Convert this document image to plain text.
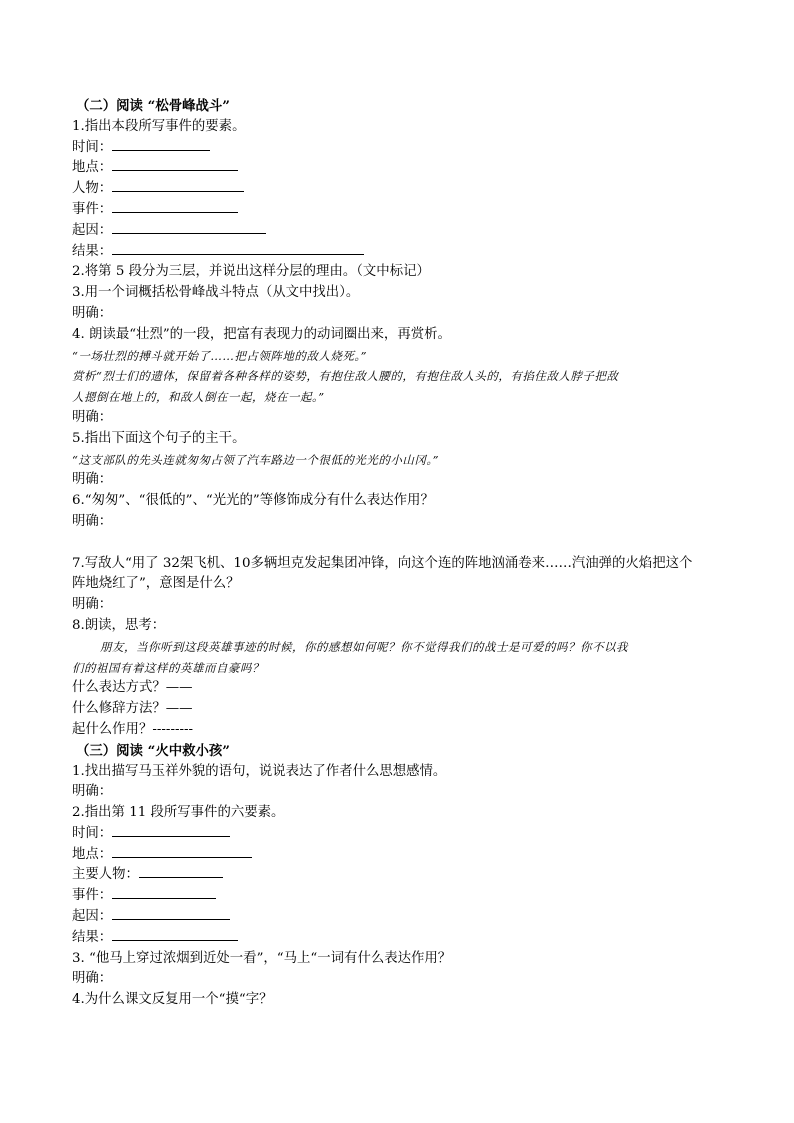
（二）阅读 “松骨峰战斗”
1.指出本段所写事件的要素。
时间：
地点：
人物：
事件：
起因：
结果：
2.将第 5 段分为三层，并说出这样分层的理由。（文中标记）
3.用一个词概括松骨峰战斗特点（从文中找出）。
明确：
4. 朗读最“壮烈”的一段，把富有表现力的动词圈出来，再赏析。
“一场壮烈的搏斗就开始了……把占领阵地的敌人烧死。”
赏析“烈士们的遗体，保留着各种各样的姿势，有抱住敌人腰的，有抱住敌人头的，有掐住敌人脖子把敌
人摁倒在地上的，和敌人倒在一起，烧在一起。”
明确：
5.指出下面这个句子的主干。
“这支部队的先头连就匆匆占领了汽车路边一个很低的光光的小山冈。”
明确：
6.“匆匆”、“很低的”、“光光的”等修饰成分有什么表达作用？
明确：
7.写敌人“用了 32架飞机、10多辆坦克发起集团冲锋，向这个连的阵地汹涌卷来……汽油弹的火焰把这个
阵地烧红了”，意图是什么？
明确：
8.朗读，思考：
朋友，当你听到这段英雄事迹的时候，你的感想如何呢？你不觉得我们的战士是可爱的吗？你不以我
们的祖国有着这样的英雄而自豪吗？
什么表达方式？——
什么修辞方法？——
起什么作用？---------
（三）阅读 “火中救小孩”
1.找出描写马玉祥外貌的语句，说说表达了作者什么思想感情。
明确：
2.指出第 11 段所写事件的六要素。
时间：
地点：
主要人物：
事件：
起因：
结果：
3. “他马上穿过浓烟到近处一看”，“马上“一词有什么表达作用？
明确：
4.为什么课文反复用一个“摸“字？
